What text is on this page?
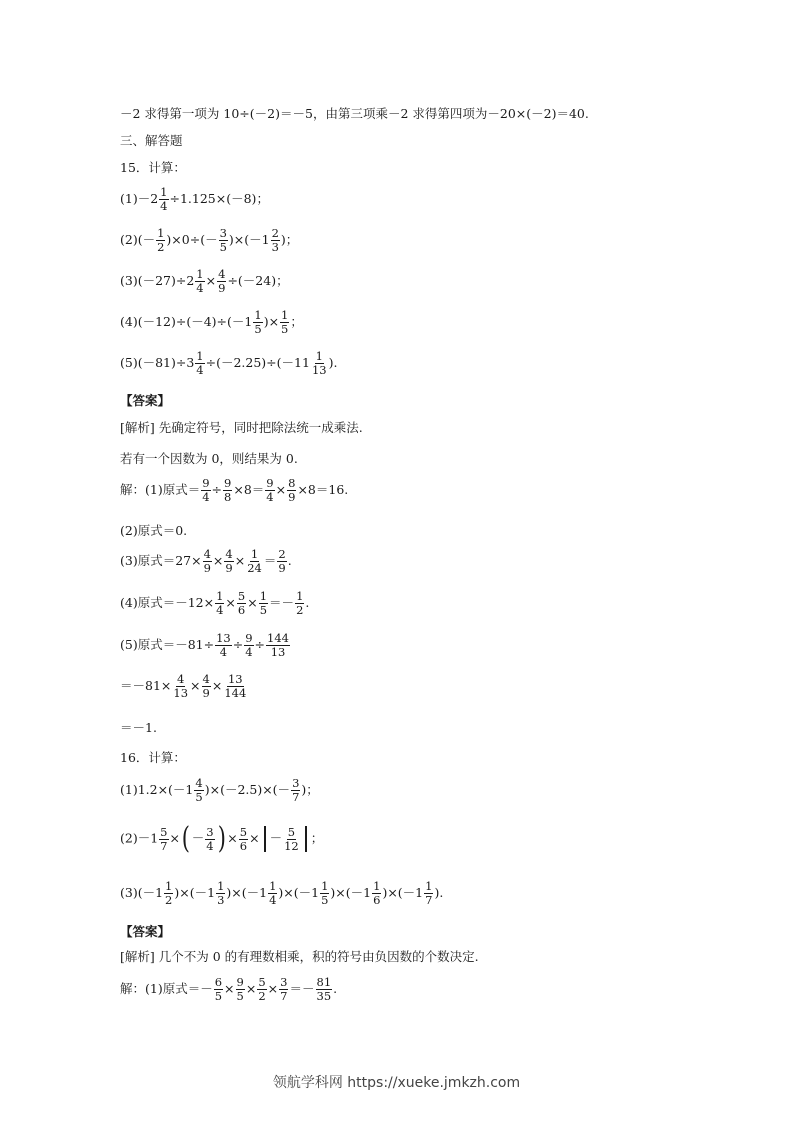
－2 求得第一项为 10÷(－2)＝－5，由第三项乘－2 求得第四项为－20×(－2)＝40.
三、解答题
15．计算：
$(1)-2 \frac{1}{4} \div 1.125\times(-8)$；
$(2)(- \frac{1}{2} )\times 0\div(- \frac{3}{5} )\times(-1 \frac{2}{3}$ )；
$(3)(-27)\div 2 \frac{1}{4} \times \frac{4}{9} \div(-24)$；
$(4)(-12)\div(-4)\div(-1 \frac{1}{5}$ )× $\frac{1}{5}$ ；
$(5)(-81)\div 3 \frac{1}{4} \div(-2.25)\div(-11 \frac{1}{13}$ ).
【答案】
[解析] 先确定符号，同时把除法统一成乘法.
若有一个因数为 0，则结果为 0.
解：(1)原式＝ $\frac{9}{4} \div \frac{9}{8} \times 8= \frac{9}{4} \times \frac{8}{9} \times 8=16$.
(2)原式＝0.
(3)原式$=27\times \frac{4}{9} \times \frac{4}{9} \times \frac{1}{24} = \frac{2}{9}$ .
(4)原式$=-12\times \frac{1}{4} \times \frac{5}{6} \times \frac{1}{5} =- \frac{1}{2}$ .
(5)原式$=-81\div \frac{13}{4} \div \frac{9}{4} \div \frac{144}{13}$
$=-81\times \frac{4}{13} \times \frac{4}{9} \times \frac{13}{144}$
＝－1.
16．计算：
$(1)1.2\times(-1 \frac{4}{5} )\times(-2.5)\times(- \frac{3}{7}$ )；
$(2)-1 \frac{5}{7}$ ×( － $\frac{3}{4}$ ) × $\frac{5}{6}$ × － $\frac{5}{12}$ ；
$(3)(-1 \frac{1}{2} )\times(-1 \frac{1}{3} )\times(-1 \frac{1}{4} )\times(-1 \frac{1}{5} )\times(-1 \frac{1}{6} )\times(-1 \frac{1}{7}$ ).
【答案】
[解析] 几个不为 0 的有理数相乘，积的符号由负因数的个数决定.
解：(1)原式＝－ $\frac{6}{5} \times \frac{9}{5} \times \frac{5}{2} \times \frac{3}{7} =- \frac{81}{35}$ .
领航学科网 https://xueke.jmkzh.com
